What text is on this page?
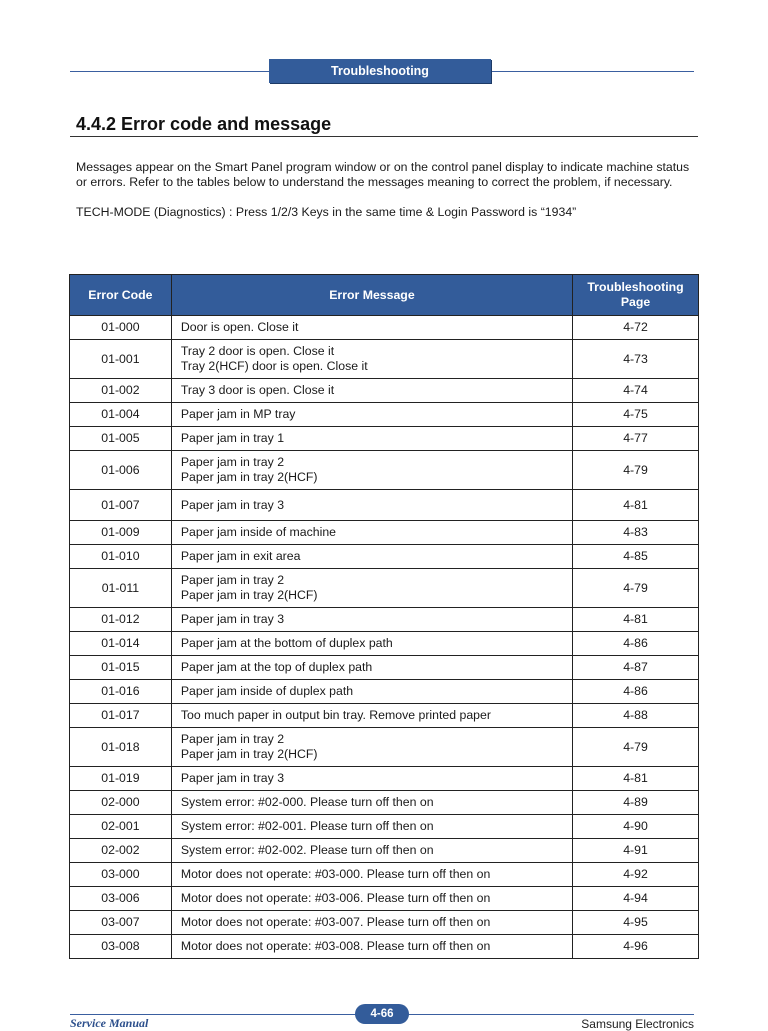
Troubleshooting
4.4.2 Error code and message

Messages appear on the Smart Panel program window or on the control panel display to indicate machine status or errors. Refer to the tables below to understand the messages meaning to correct the problem, if necessary.

TECH-MODE (Diagnostics) : Press 1/2/3 Keys in the same time & Login Password is “1934”

Error Code	Error Message	Troubleshooting
Page

01-000	Door is open. Close it	4-72
01-001	Tray 2 door is open. Close it
Tray 2(HCF) door is open. Close it	4-73
01-002	Tray 3 door is open. Close it	4-74
01-004	Paper jam in MP tray	4-75
01-005	Paper jam in tray 1	4-77
01-006	Paper jam in tray 2
Paper jam in tray 2(HCF)	4-79
01-007	Paper jam in tray 3	4-81
01-009	Paper jam inside of machine	4-83
01-010	Paper jam in exit area	4-85
01-011	Paper jam in tray 2
Paper jam in tray 2(HCF)	4-79
01-012	Paper jam in tray 3	4-81
01-014	Paper jam at the bottom of duplex path	4-86
01-015	Paper jam at the top of duplex path	4-87
01-016	Paper jam inside of duplex path	4-86
01-017	Too much paper in output bin tray. Remove printed paper	4-88
01-018	Paper jam in tray 2
Paper jam in tray 2(HCF)	4-79
01-019	Paper jam in tray 3	4-81
02-000	System error: #02-000. Please turn off then on	4-89
02-001	System error: #02-001. Please turn off then on	4-90
02-002	System error: #02-002. Please turn off then on	4-91
03-000	Motor does not operate: #03-000. Please turn off then on	4-92
03-006	Motor does not operate: #03-006. Please turn off then on	4-94
03-007	Motor does not operate: #03-007. Please turn off then on	4-95
03-008	Motor does not operate: #03-008. Please turn off then on	4-96
Service Manual
4-66
Samsung Electronics
